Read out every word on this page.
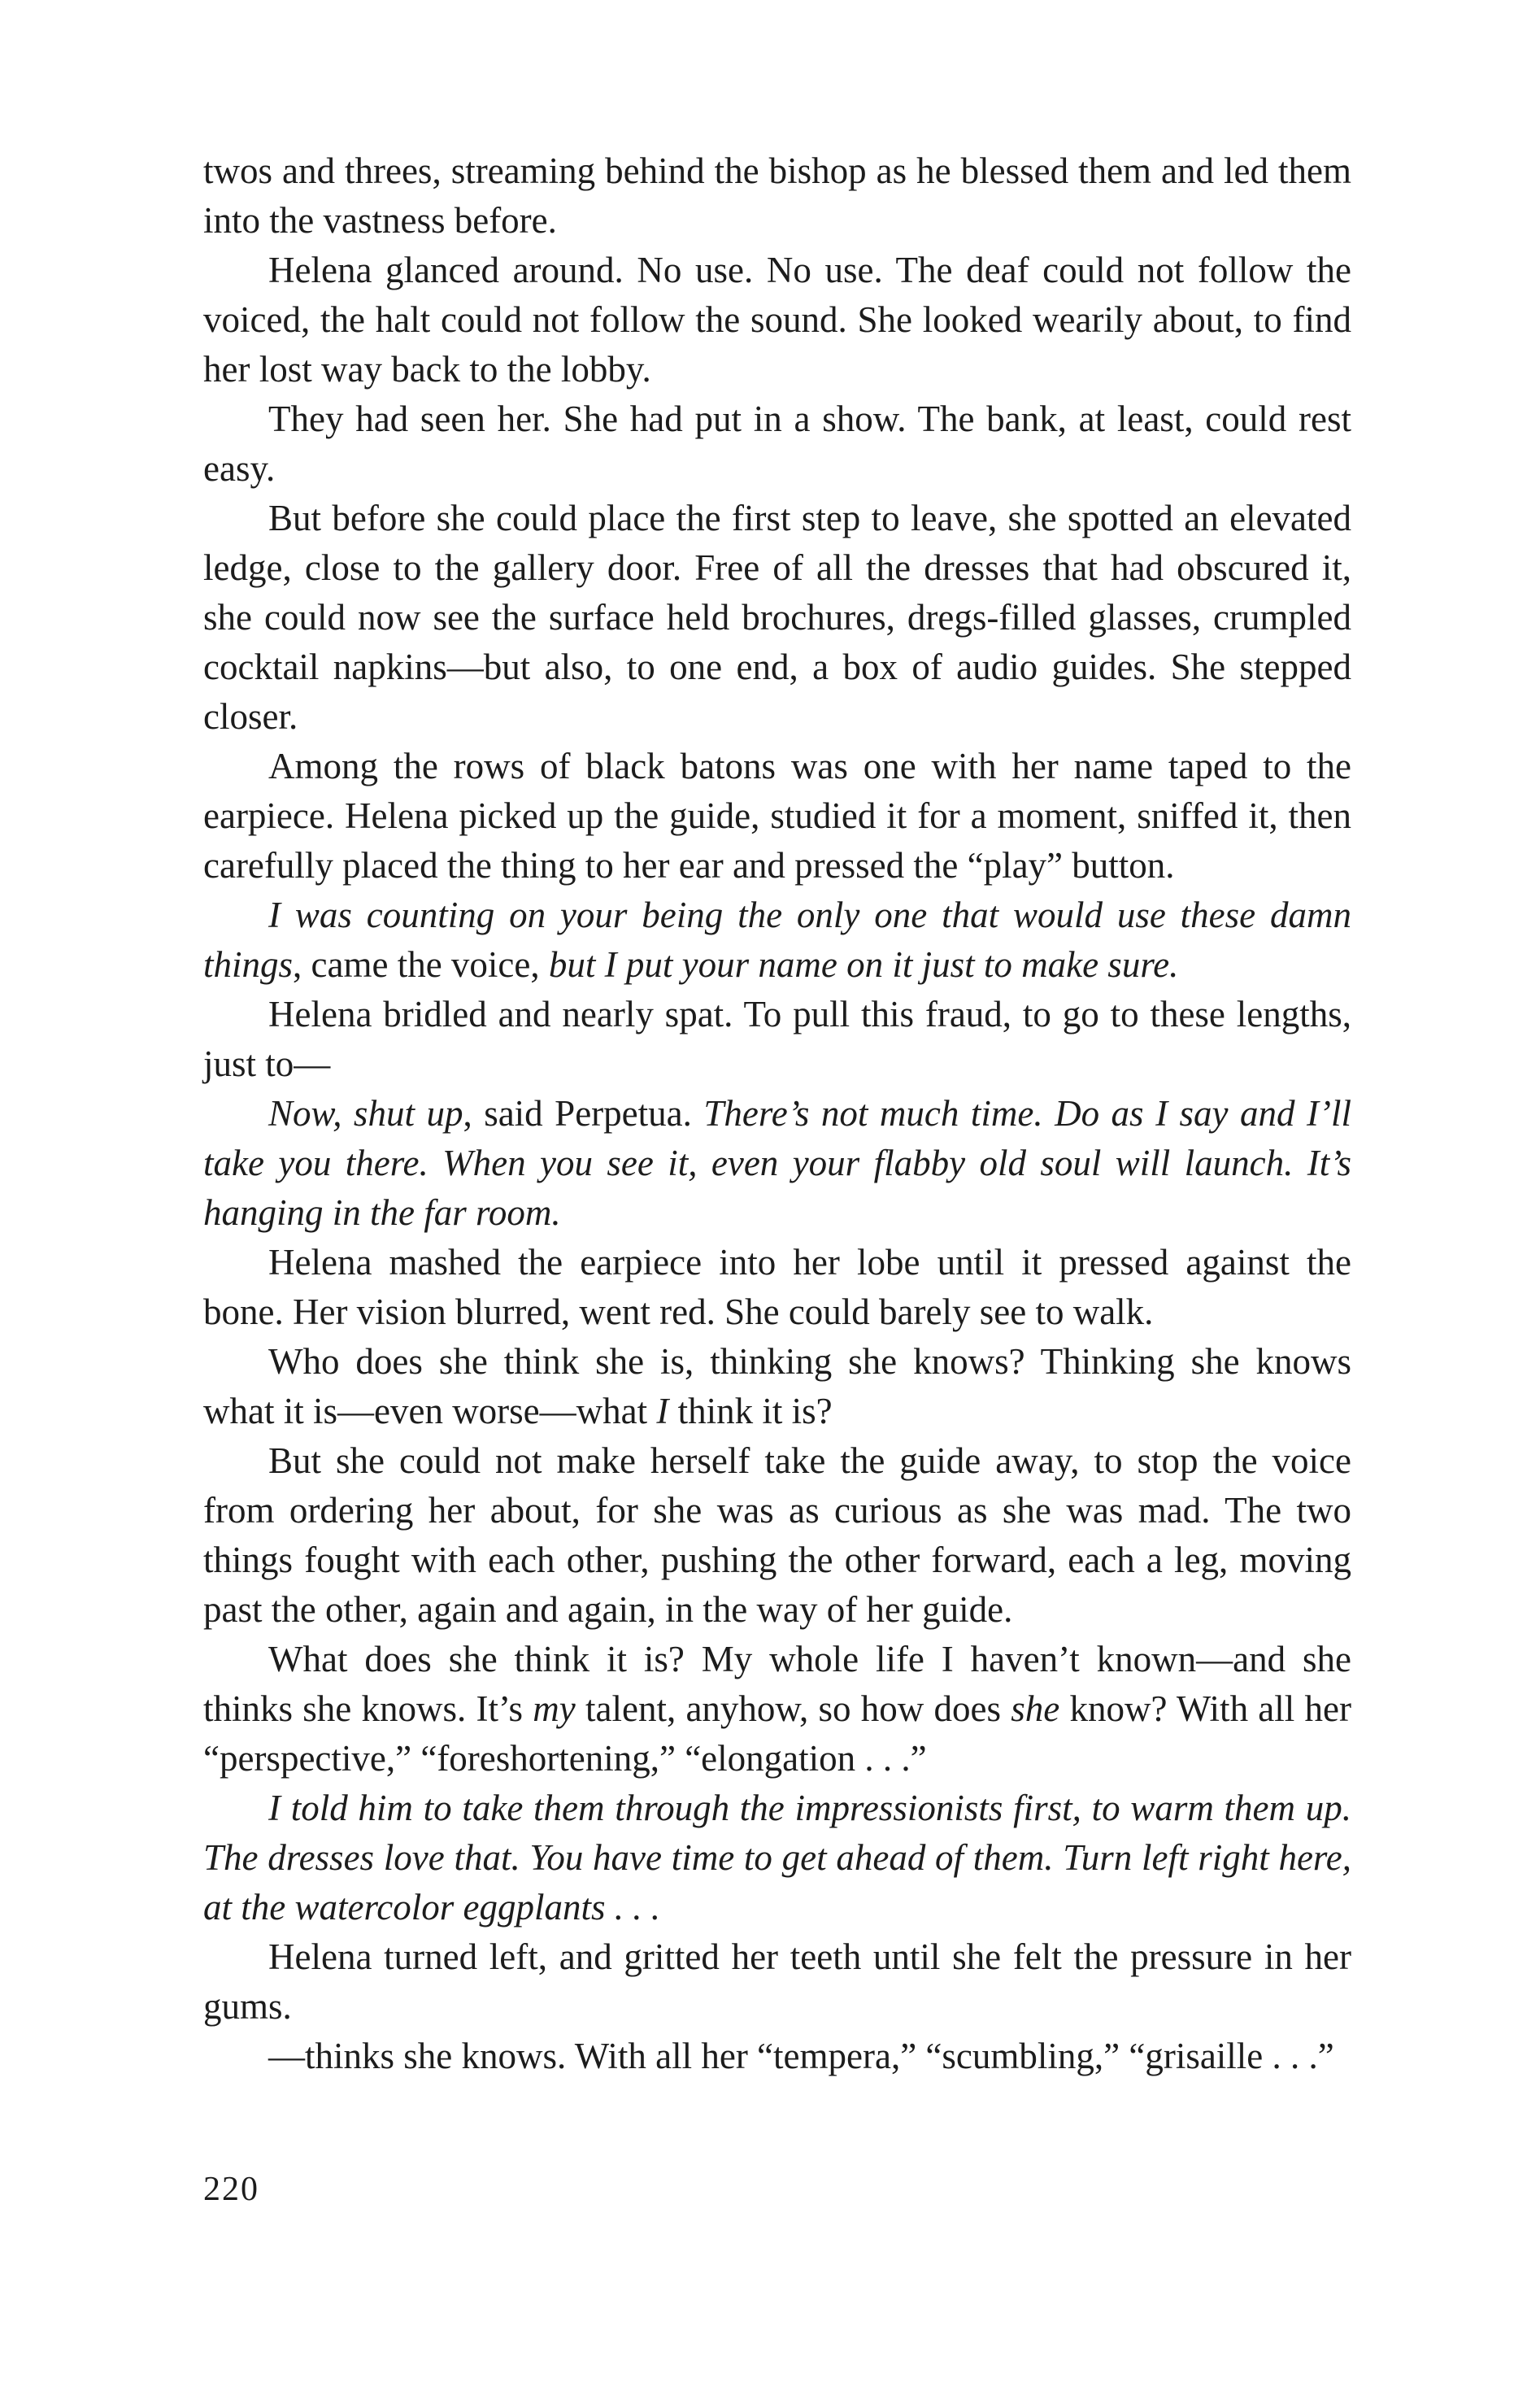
twos and threes, streaming behind the bishop as he blessed them and led them into the vastness before.

Helena glanced around. No use. No use. The deaf could not follow the voiced, the halt could not follow the sound. She looked wearily about, to find her lost way back to the lobby.

They had seen her. She had put in a show. The bank, at least, could rest easy.

But before she could place the first step to leave, she spotted an elevated ledge, close to the gallery door. Free of all the dresses that had obscured it, she could now see the surface held brochures, dregs-filled glasses, crumpled cocktail napkins—but also, to one end, a box of audio guides. She stepped closer.

Among the rows of black batons was one with her name taped to the earpiece. Helena picked up the guide, studied it for a moment, sniffed it, then carefully placed the thing to her ear and pressed the “play” button.

I was counting on your being the only one that would use these damn things, came the voice, but I put your name on it just to make sure.

Helena bridled and nearly spat. To pull this fraud, to go to these lengths, just to—

Now, shut up, said Perpetua. There’s not much time. Do as I say and I’ll take you there. When you see it, even your flabby old soul will launch. It’s hanging in the far room.

Helena mashed the earpiece into her lobe until it pressed against the bone. Her vision blurred, went red. She could barely see to walk.

Who does she think she is, thinking she knows? Thinking she knows what it is—even worse—what I think it is?

But she could not make herself take the guide away, to stop the voice from ordering her about, for she was as curious as she was mad. The two things fought with each other, pushing the other forward, each a leg, moving past the other, again and again, in the way of her guide.

What does she think it is? My whole life I haven’t known—and she thinks she knows. It’s my talent, anyhow, so how does she know? With all her “perspective,” “foreshortening,” “elongation . . .”

I told him to take them through the impressionists first, to warm them up. The dresses love that. You have time to get ahead of them. Turn left right here, at the watercolor eggplants . . .

Helena turned left, and gritted her teeth until she felt the pressure in her gums.

—thinks she knows. With all her “tempera,” “scumbling,” “grisaille . . .”

220
